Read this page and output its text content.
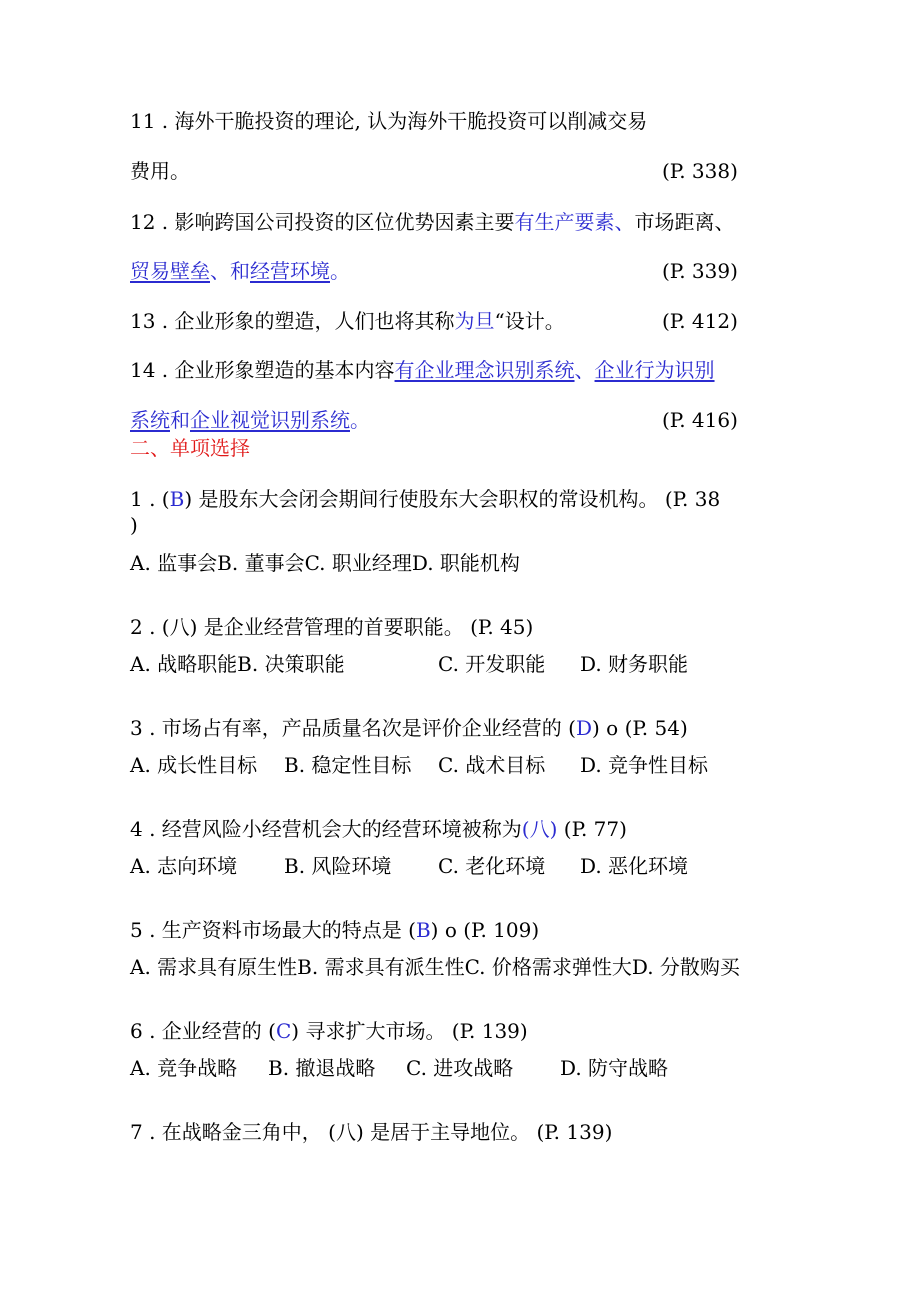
11 . 海外干脆投资的理论, 认为海外干脆投资可以削减交易
费用。	(P. 338)
12 . 影响跨国公司投资的区位优势因素主要有生产要素、市场距离、
贸易壁垒、和经营环境。	(P. 339)
13 . 企业形象的塑造，人们也将其称为旦“设计。	(P. 412)
14 . 企业形象塑造的基本内容有企业理念识别系统、企业行为识别
系统和企业视觉识别系统。	(P. 416)
二、单项选择
1 . (B) 是股东大会闭会期间行使股东大会职权的常设机构。 (P. 38
)
A. 监事会B. 董事会C. 职业经理D. 职能机构
2 . (八) 是企业经营管理的首要职能。 (P. 45)
A. 战略职能B. 决策职能	C. 开发职能 D. 财务职能
3 . 市场占有率，产品质量名次是评价企业经营的 (D) o (P. 54)
A. 成长性目标 B. 稳定性目标 C. 战术目标 D. 竞争性目标
4 . 经营风险小经营机会大的经营环境被称为(八) (P. 77)
A. 志向环境 B. 风险环境 C. 老化环境 D. 恶化环境
5 . 生产资料市场最大的特点是 (B) o (P. 109)
A. 需求具有原生性B. 需求具有派生性C. 价格需求弹性大D. 分散购买
6 . 企业经营的 (C) 寻求扩大市场。 (P. 139)
A. 竞争战略 B. 撤退战略 C. 进攻战略 D. 防守战略
7 . 在战略金三角中， (八) 是居于主导地位。 (P. 139)
